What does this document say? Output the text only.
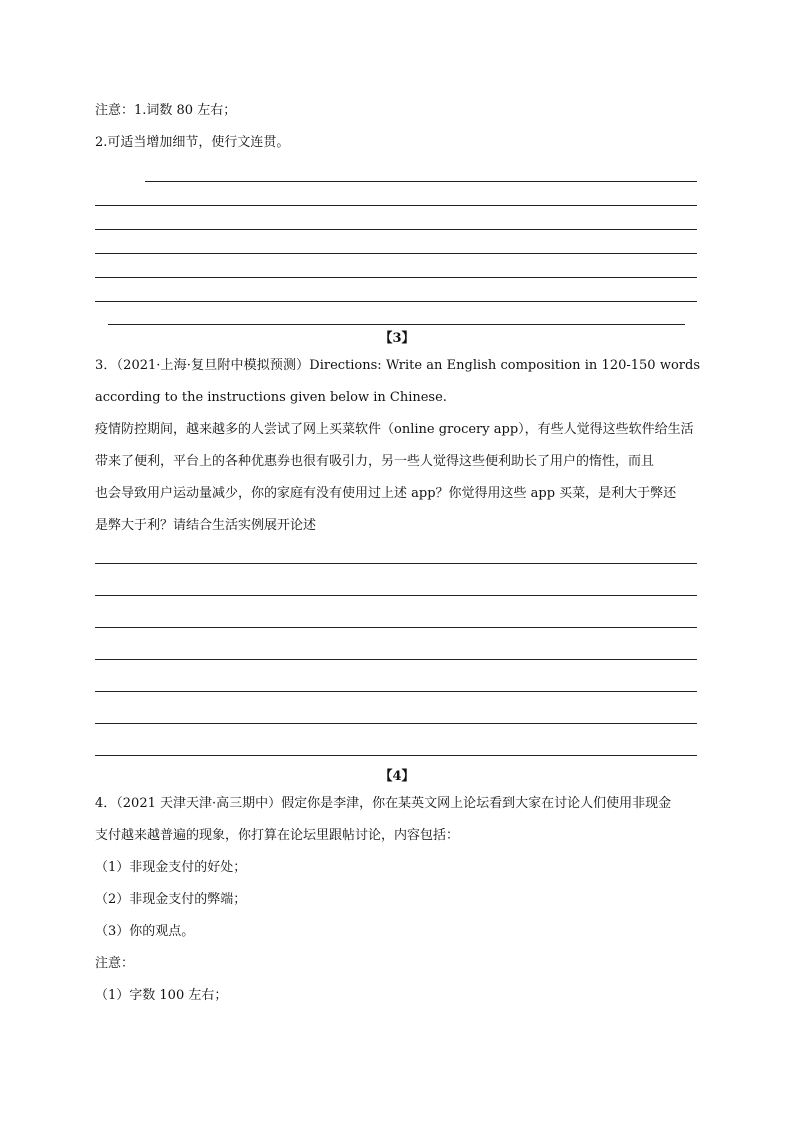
注意：1.词数 80 左右；
2.可适当增加细节，使行文连贯。
【3】
3．（2021·上海·复旦附中模拟预测）Directions: Write an English composition in 120-150 words
according to the instructions given below in Chinese.
疫情防控期间，越来越多的人尝试了网上买菜软件（online grocery app），有些人觉得这些软件给生活
带来了便利，平台上的各种优惠券也很有吸引力，另一些人觉得这些便利助长了用户的惰性，而且
也会导致用户运动量减少，你的家庭有没有使用过上述 app？你觉得用这些 app 买菜，是利大于弊还
是弊大于利？请结合生活实例展开论述
【4】
4．（2021 天津天津·高三期中）假定你是李津，你在某英文网上论坛看到大家在讨论人们使用非现金
支付越来越普遍的现象，你打算在论坛里跟帖讨论，内容包括：
（1）非现金支付的好处；
（2）非现金支付的弊端；
（3）你的观点。
注意：
（1）字数 100 左右；
